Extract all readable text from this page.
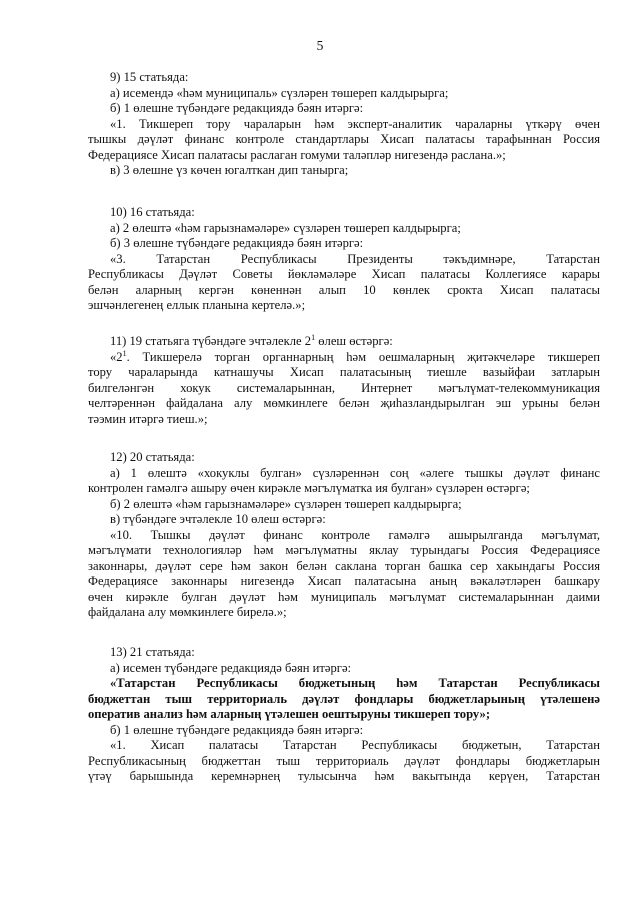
5

9) 15 статьяда:

а) исемендә «һәм муниципаль» сүзләрен төшереп калдырырга;

б) 1 өлешне түбәндәге редакциядә бәян итәргә:

«1. Тикшереп тору чараларын һәм эксперт-аналитик чараларны үткәрү өчен

тышкы дәүләт финанс контроле стандартлары Хисап палатасы тарафыннан Россия

Федерациясе Хисап палатасы раслаган гомуми таләпләр нигезендә раслана.»;

в) 3 өлешне үз көчен югалткан дип танырга;

10) 16 статьяда:

а) 2 өлештә «һәм гарызнамәләре» сүзләрен төшереп калдырырга;

б) 3 өлешне түбәндәге редакциядә бәян итәргә:

«3. Татарстан Республикасы Президенты тәкъдимнәре, Татарстан

Республикасы Дәүләт Советы йөкләмәләре Хисап палатасы Коллегиясе карары

белән аларның кергән көненнән алып 10 көнлек срокта Хисап палатасы

эшчәнлегенең еллык планына кертелә.»;

11) 19 статьяга түбәндәге эчтәлекле $2^1$ өлеш өстәргә:

«$2^1$. Тикшерелә торган органнарның һәм оешмаларның җитәкчеләре тикшереп

тору чараларында катнашучы Хисап палатасының тиешле вазыйфаи затларын

билгеләнгән хокук системаларыннан, Интернет мәгълүмат-телекоммуникация

челтәреннән файдалана алу мөмкинлеге белән җиһазландырылган эш урыны белән

тәэмин итәргә тиеш.»;

12) 20 статьяда:

а) 1 өлештә «хокуклы булган» сүзләреннән соң «әлеге тышкы дәүләт финанс

контролен гамәлгә ашыру өчен кирәкле мәгълүматка ия булган» сүзләрен өстәргә;

б) 2 өлештә «һәм гарызнамәләре» сүзләрен төшереп калдырырга;

в) түбәндәге эчтәлекле 10 өлеш өстәргә:

«10. Тышкы дәүләт финанс контроле гамәлгә ашырылганда мәгълүмат,

мәгълүмати технологияләр һәм мәгълүматны яклау турындагы Россия Федерациясе

законнары, дәүләт сере һәм закон белән саклана торган башка сер хакындагы Россия

Федерациясе законнары нигезендә Хисап палатасына аның вәкаләтләрен башкару

өчен кирәкле булган дәүләт һәм муниципаль мәгълүмат системаларыннан даими

файдалана алу мөмкинлеге бирелә.»;

13) 21 статьяда:

а) исемен түбәндәге редакциядә бәян итәргә:

«Татарстан Республикасы бюджетының һәм Татарстан Республикасы

бюджеттан тыш территориаль дәүләт фондлары бюджетларының үтәлешенә

оператив анализ һәм аларның үтәлешен оештыруны тикшереп тору»;

б) 1 өлешне түбәндәге редакциядә бәян итәргә:

«1. Хисап палатасы Татарстан Республикасы бюджетын, Татарстан

Республикасының бюджеттан тыш территориаль дәүләт фондлары бюджетларын

үтәү барышында керемнәрнең тулысынча һәм вакытында керүен, Татарстан
